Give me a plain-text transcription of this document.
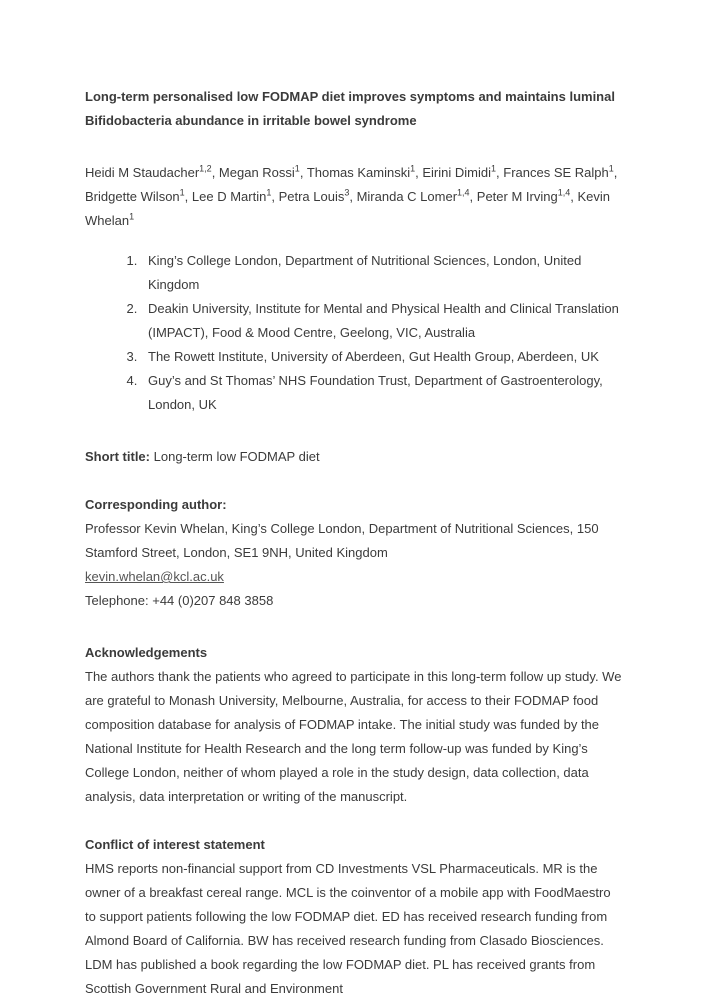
Long-term personalised low FODMAP diet improves symptoms and maintains luminal Bifidobacteria abundance in irritable bowel syndrome

Heidi M Staudacher$^{1,2}$, Megan Rossi$^1$, Thomas Kaminski$^1$, Eirini Dimidi$^1$, Frances SE Ralph$^1$, Bridgette Wilson$^1$, Lee D Martin$^1$, Petra Louis$^3$, Miranda C Lomer$^{1,4}$, Peter M Irving$^{1,4}$, Kevin Whelan$^1$

1. King’s College London, Department of Nutritional Sciences, London, United Kingdom
2. Deakin University, Institute for Mental and Physical Health and Clinical Translation (IMPACT), Food & Mood Centre, Geelong, VIC, Australia
3. The Rowett Institute, University of Aberdeen, Gut Health Group, Aberdeen, UK
4. Guy’s and St Thomas’ NHS Foundation Trust, Department of Gastroenterology, London, UK

Short title: Long-term low FODMAP diet

Corresponding author:

Professor Kevin Whelan, King’s College London, Department of Nutritional Sciences, 150 Stamford Street, London, SE1 9NH, United Kingdom

kevin.whelan@kcl.ac.uk

Telephone: +44 (0)207 848 3858

Acknowledgements

The authors thank the patients who agreed to participate in this long-term follow up study. We are grateful to Monash University, Melbourne, Australia, for access to their FODMAP food composition database for analysis of FODMAP intake. The initial study was funded by the National Institute for Health Research and the long term follow-up was funded by King’s College London, neither of whom played a role in the study design, data collection, data analysis, data interpretation or writing of the manuscript.

Conflict of interest statement

HMS reports non-financial support from CD Investments VSL Pharmaceuticals. MR is the owner of a breakfast cereal range. MCL is the coinventor of a mobile app with FoodMaestro to support patients following the low FODMAP diet. ED has received research funding from Almond Board of California. BW has received research funding from Clasado Biosciences. LDM has published a book regarding the low FODMAP diet. PL has received grants from Scottish Government Rural and Environment
